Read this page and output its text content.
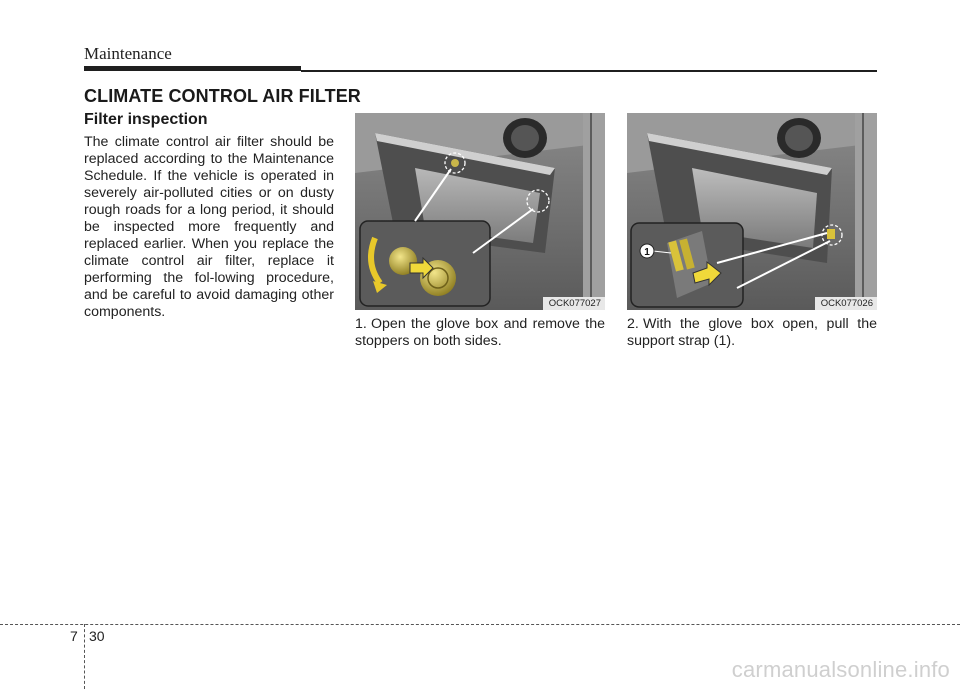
Maintenance
CLIMATE CONTROL AIR FILTER
Filter inspection
The climate control air filter should be replaced according to the Maintenance Schedule. If the vehicle is operated in severely air-polluted cities or on dusty rough roads for a long period, it should be inspected more frequently and replaced earlier. When you replace the climate control air filter, replace it performing the fol-lowing procedure, and be careful to avoid damaging other components.
OCK077027
1
OCK077026
1. Open the glove box and remove the stoppers on both sides.
2. With the glove box open, pull the support strap (1).
7 30
carmanualsonline.info
